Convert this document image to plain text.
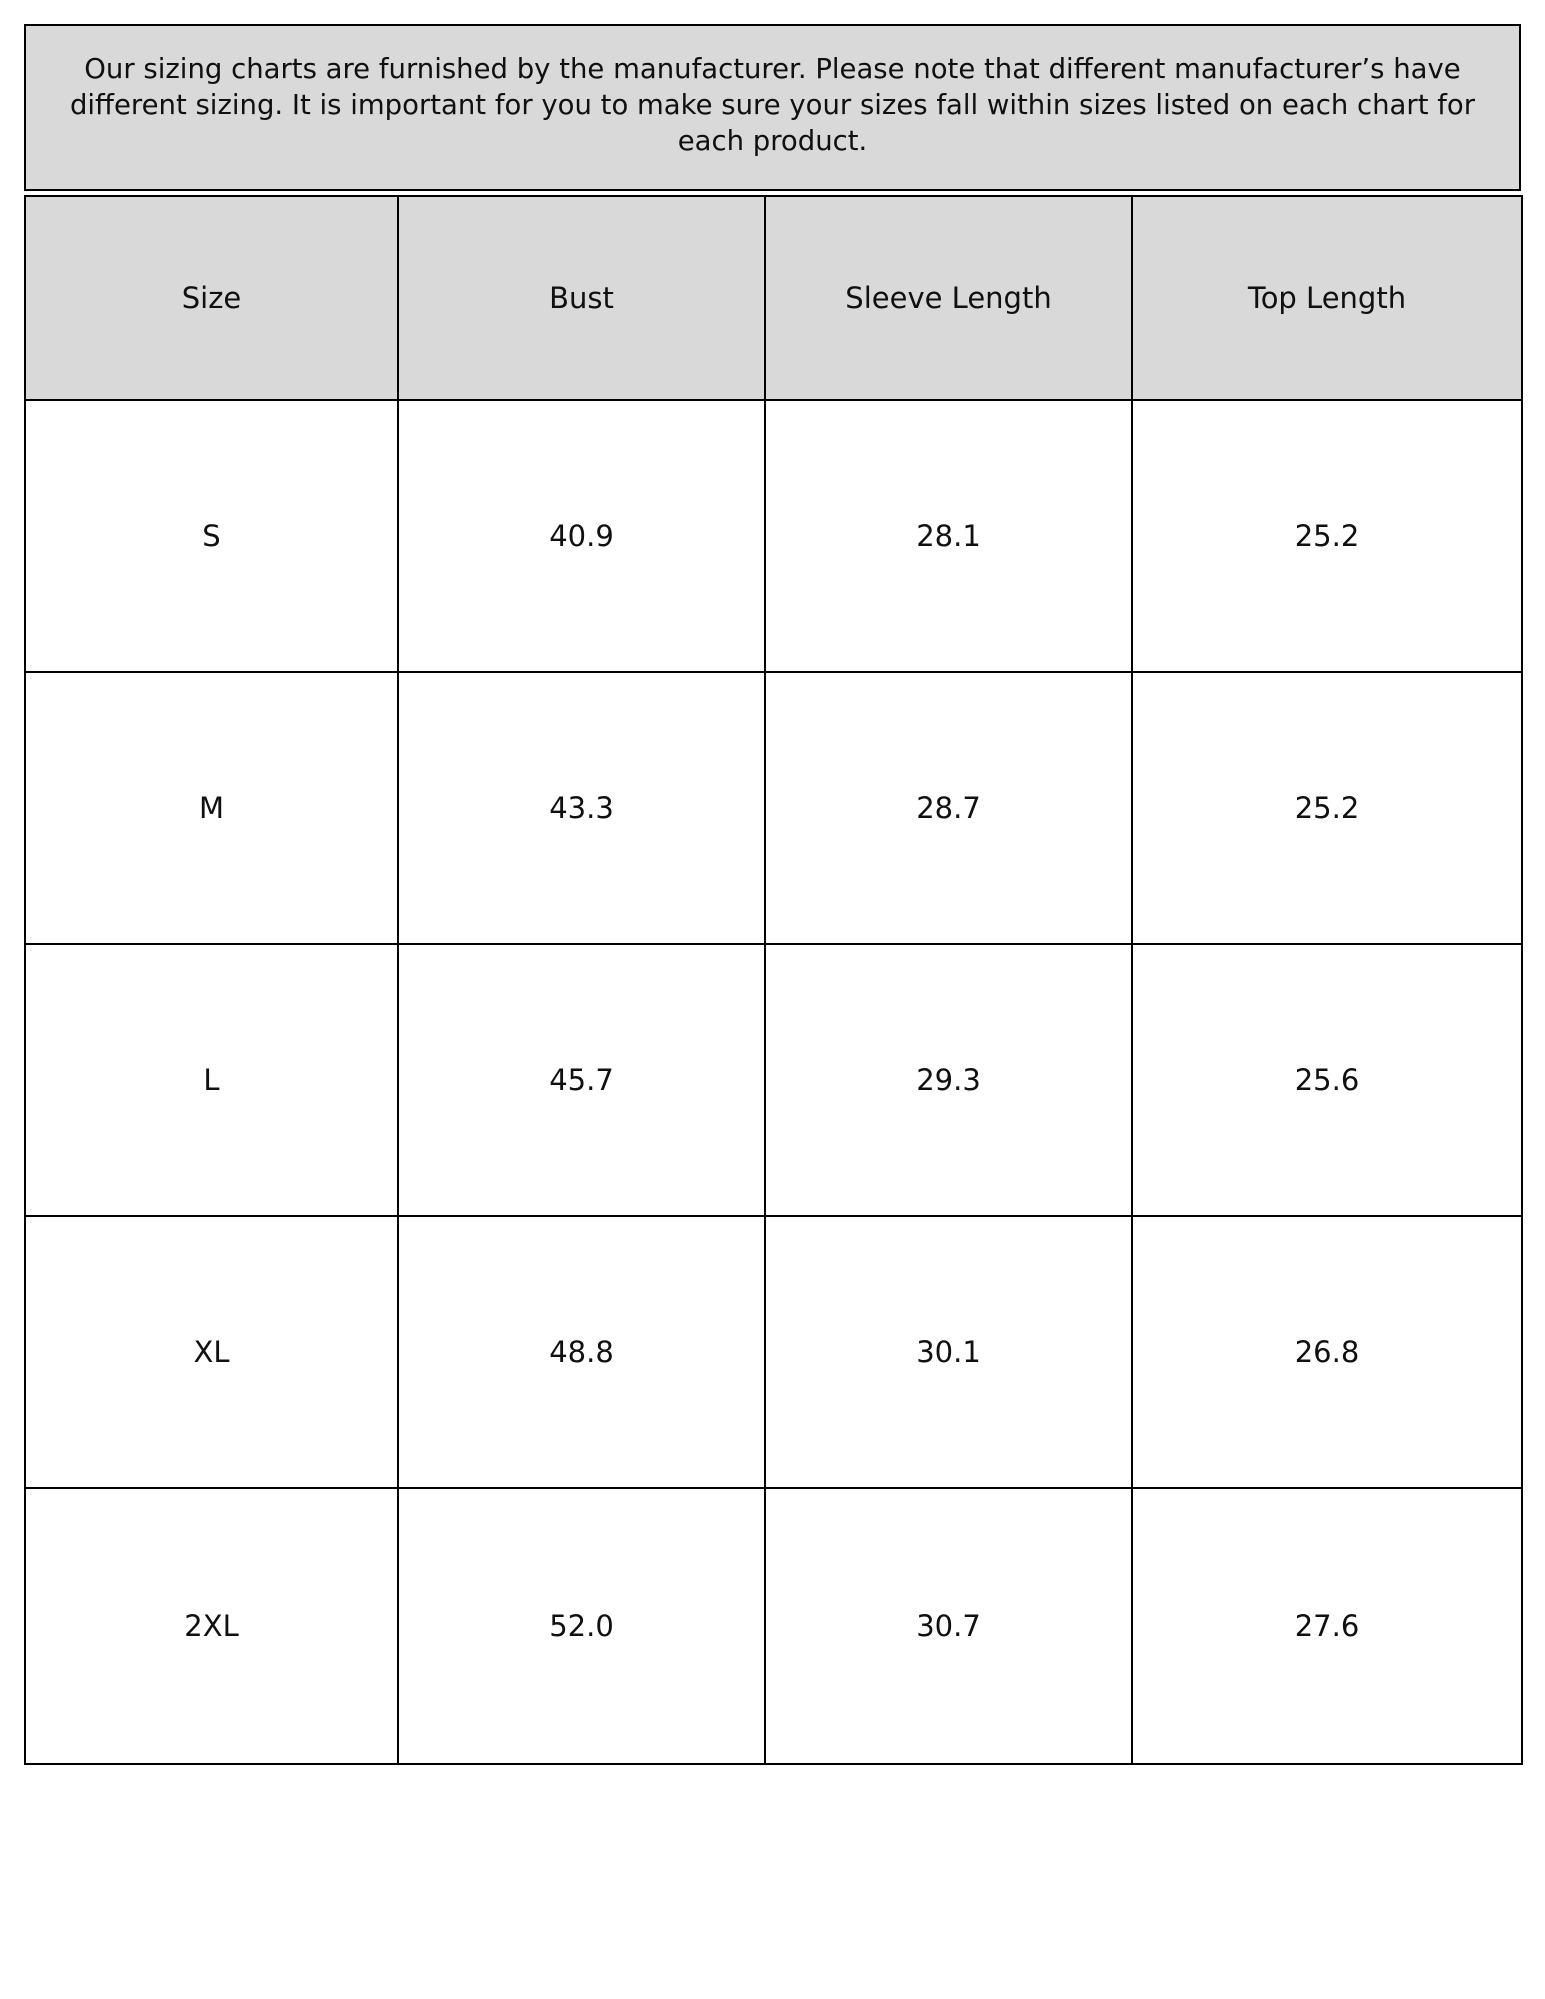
Our sizing charts are furnished by the manufacturer. Please note that different manufacturer’s have different sizing. It is important for you to make sure your sizes fall within sizes listed on each chart for each product.
Size	Bust	Sleeve Length	Top Length
S	40.9	28.1	25.2
M	43.3	28.7	25.2
L	45.7	29.3	25.6
XL	48.8	30.1	26.8
2XL	52.0	30.7	27.6
